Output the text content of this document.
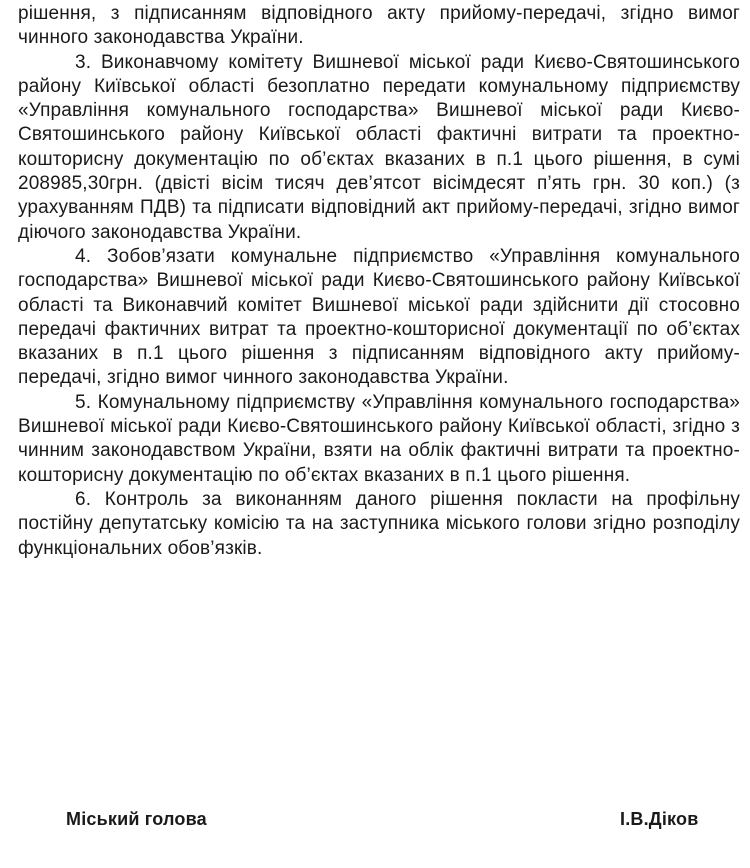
рішення, з підписанням відповідного акту прийому-передачі, згідно вимог чинного законодавства України.

3. Виконавчому комітету Вишневої міської ради Києво-Святошинського району Київської області безоплатно передати комунальному підприємству «Управління комунального господарства» Вишневої міської ради Києво-Святошинського району Київської області фактичні витрати та проектно-кошторисну документацію по об’єктах вказаних в п.1 цього рішення, в сумі 208985,30грн. (двісті вісім тисяч дев’ятсот вісімдесят п’ять грн. 30 коп.) (з урахуванням ПДВ) та підписати відповідний акт прийому-передачі, згідно вимог діючого законодавства України.

4. Зобов’язати комунальне підприємство «Управління комунального господарства» Вишневої міської ради Києво-Святошинського району Київської області та Виконавчий комітет Вишневої міської ради здійснити дії стосовно передачі фактичних витрат та проектно-кошторисної документації по об’єктах вказаних в п.1 цього рішення з підписанням відповідного акту прийому-передачі, згідно вимог чинного законодавства України.

5. Комунальному підприємству «Управління комунального господарства» Вишневої міської ради Києво-Святошинського району Київської області, згідно з чинним законодавством України, взяти на облік фактичні витрати та проектно-кошторисну документацію по об’єктах вказаних в п.1 цього рішення.

6. Контроль за виконанням даного рішення покласти на профільну постійну депутатську комісію та на заступника міського голови згідно розподілу функціональних обов’язків.

Міський голова	І.В.Діков
